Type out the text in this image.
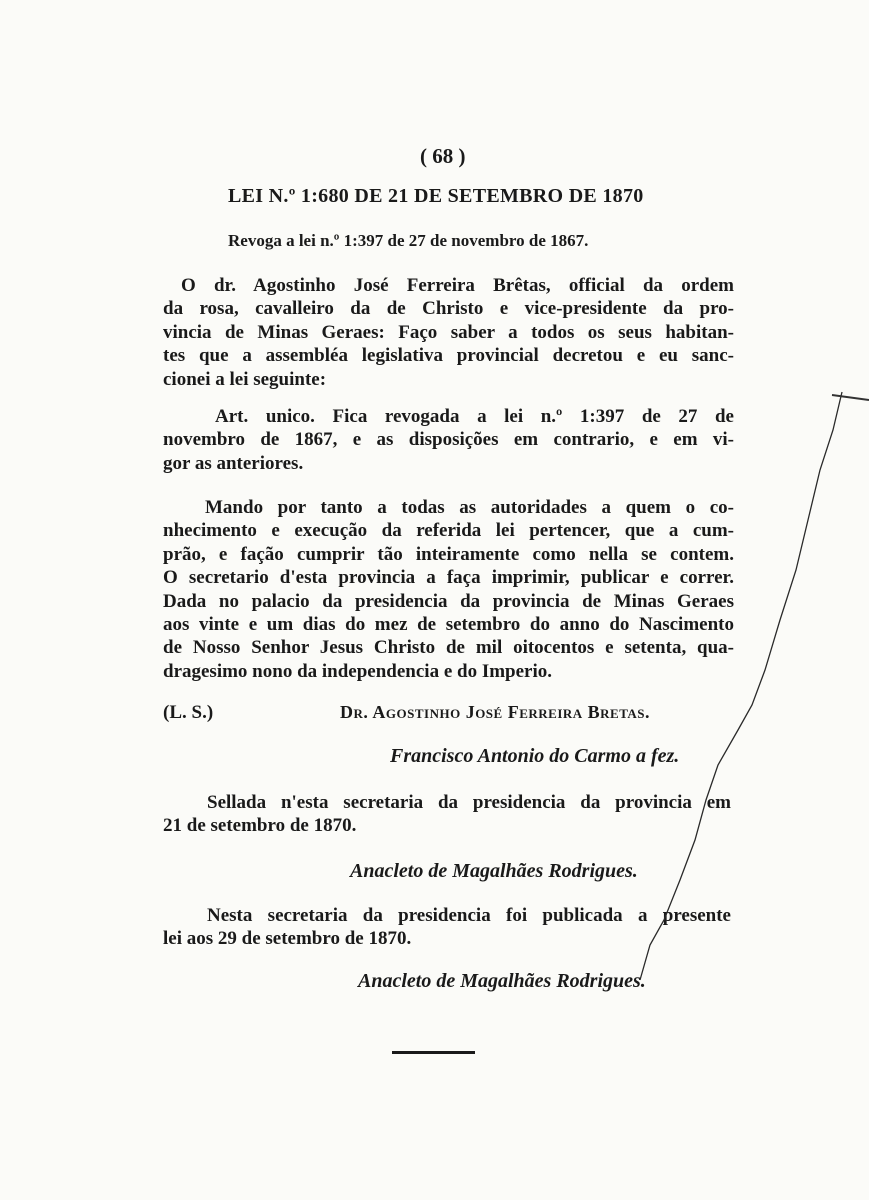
( 68 )
LEI N.º 1:680 DE 21 DE SETEMBRO DE 1870
Revoga a lei n.º 1:397 de 27 de novembro de 1867.
O dr. Agostinho José Ferreira Brêtas, official da ordem
da rosa, cavalleiro da de Christo e vice-presidente da pro-
vincia de Minas Geraes: Faço saber a todos os seus habitan-
tes que a assembléa legislativa provincial decretou e eu sanc-
cionei a lei seguinte:
Art. unico. Fica revogada a lei n.º 1:397 de 27 de
novembro de 1867, e as disposições em contrario, e em vi-
gor as anteriores.
Mando por tanto a todas as autoridades a quem o co-
nhecimento e execução da referida lei pertencer, que a cum-
prão, e fação cumprir tão inteiramente como nella se contem.
O secretario d'esta provincia a faça imprimir, publicar e correr.
Dada no palacio da presidencia da provincia de Minas Geraes
aos vinte e um dias do mez de setembro do anno do Nascimento
de Nosso Senhor Jesus Christo de mil oitocentos e setenta, qua-
dragesimo nono da independencia e do Imperio.
(L. S.)	Dr. Agostinho José Ferreira Bretas.
Francisco Antonio do Carmo a fez.
Sellada n'esta secretaria da presidencia da provincia em
21 de setembro de 1870.
Anacleto de Magalhães Rodrigues.
Nesta secretaria da presidencia foi publicada a presente
lei aos 29 de setembro de 1870.
Anacleto de Magalhães Rodrigues.
